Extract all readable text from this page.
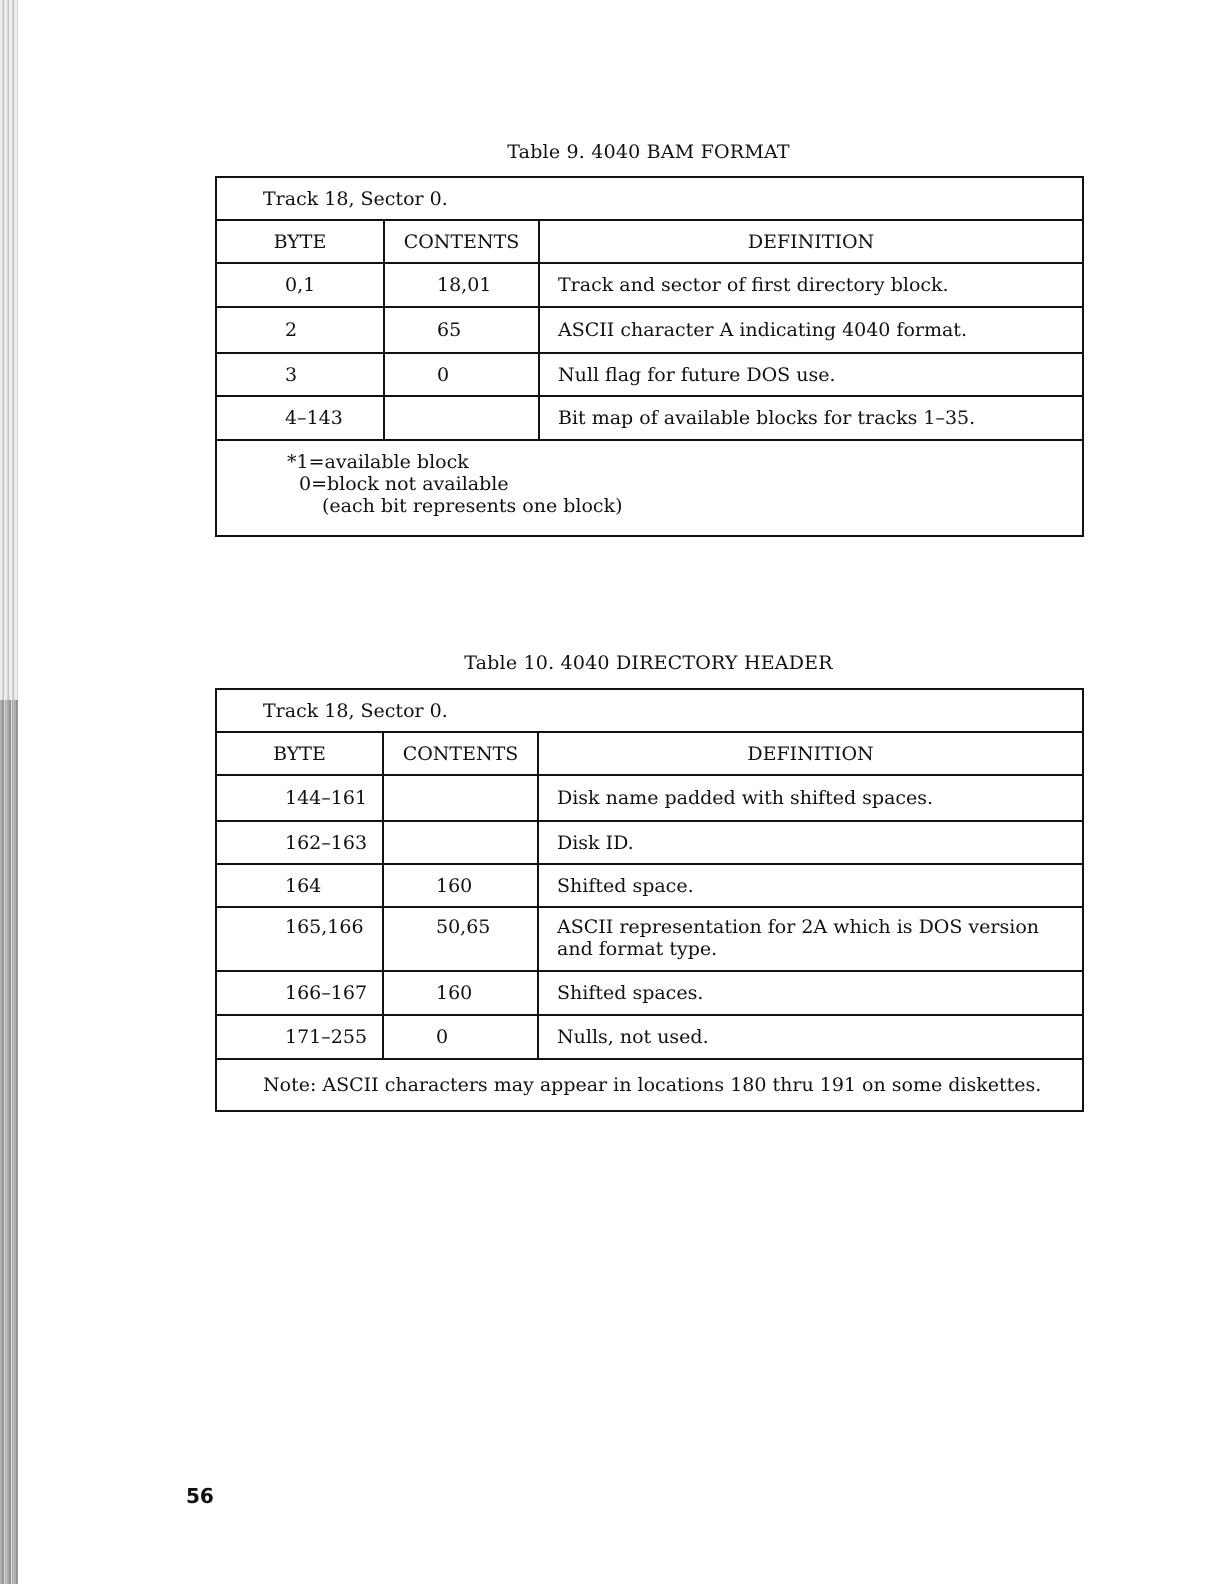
Table 9. 4040 BAM FORMAT
Track 18, Sector 0.		
BYTE	CONTENTS	DEFINITION
0,1	18,01	Track and sector of first directory block.
2	65	ASCII character A indicating 4040 format.
3	0	Null flag for future DOS use.
4–143		Bit map of available blocks for tracks 1–35.

*1=available block
0=block not available
(each bit represents one block)		
Table 10. 4040 DIRECTORY HEADER
Track 18, Sector 0.		
BYTE	CONTENTS	DEFINITION
144–161		Disk name padded with shifted spaces.
162–163		Disk ID.
164	160	Shifted space.
165,166	50,65	ASCII representation for 2A which is DOS version and format type.
166–167	160	Shifted spaces.
171–255	0	Nulls, not used.
Note: ASCII characters may appear in locations 180 thru 191 on some diskettes.		
56
